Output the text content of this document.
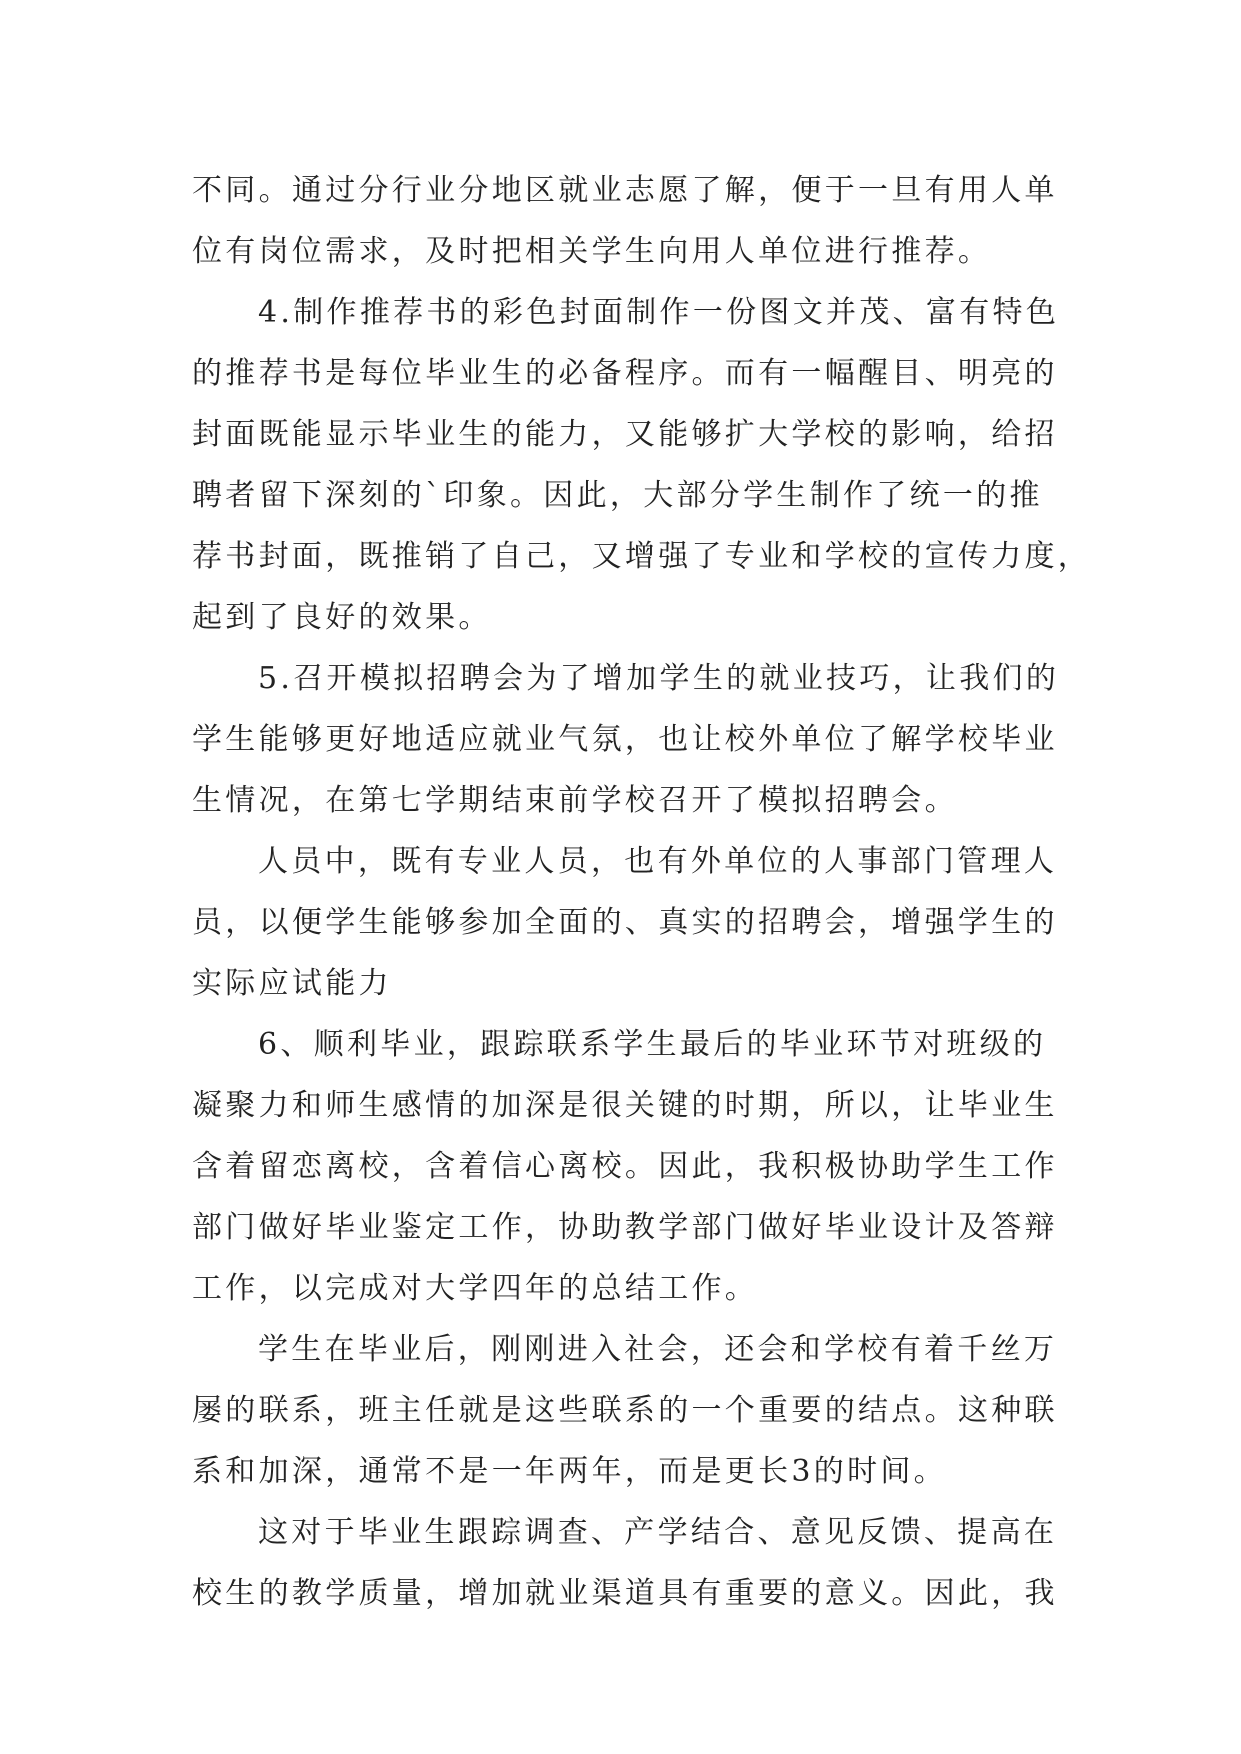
不同。通过分行业分地区就业志愿了解，便于一旦有用人单
位有岗位需求，及时把相关学生向用人单位进行推荐。
4.制作推荐书的彩色封面制作一份图文并茂、富有特色
的推荐书是每位毕业生的必备程序。而有一幅醒目、明亮的
封面既能显示毕业生的能力，又能够扩大学校的影响，给招
聘者留下深刻的`印象。因此，大部分学生制作了统一的推
荐书封面，既推销了自己，又增强了专业和学校的宣传力度，
起到了良好的效果。
5.召开模拟招聘会为了增加学生的就业技巧，让我们的
学生能够更好地适应就业气氛，也让校外单位了解学校毕业
生情况，在第七学期结束前学校召开了模拟招聘会。
人员中，既有专业人员，也有外单位的人事部门管理人
员，以便学生能够参加全面的、真实的招聘会，增强学生的
实际应试能力
6、顺利毕业，跟踪联系学生最后的毕业环节对班级的
凝聚力和师生感情的加深是很关键的时期，所以，让毕业生
含着留恋离校，含着信心离校。因此，我积极协助学生工作
部门做好毕业鉴定工作，协助教学部门做好毕业设计及答辩
工作，以完成对大学四年的总结工作。
学生在毕业后，刚刚进入社会，还会和学校有着千丝万
屡的联系，班主任就是这些联系的一个重要的结点。这种联
系和加深，通常不是一年两年，而是更长3的时间。
这对于毕业生跟踪调查、产学结合、意见反馈、提高在
校生的教学质量，增加就业渠道具有重要的意义。因此，我
